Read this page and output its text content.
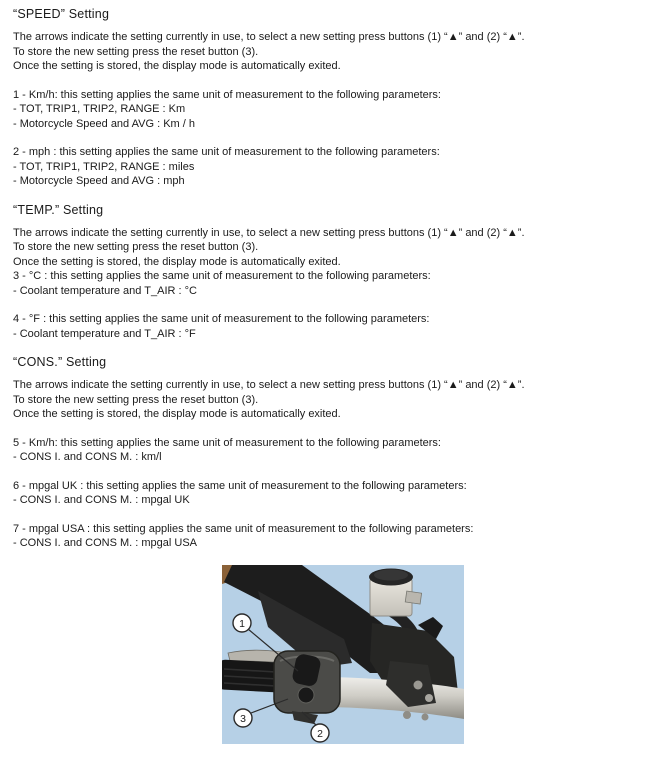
“SPEED” Setting
The arrows indicate the setting currently in use, to select a new setting press buttons (1) “▲” and (2) “▲”.
To store the new setting press the reset button (3).
Once the setting is stored, the display mode is automatically exited.
1 - Km/h: this setting applies the same unit of measurement to the following parameters:
- TOT, TRIP1, TRIP2, RANGE : Km
- Motorcycle Speed and AVG : Km / h
2 - mph : this setting applies the same unit of measurement to the following parameters:
- TOT, TRIP1, TRIP2, RANGE : miles
- Motorcycle Speed and AVG : mph
“TEMP.” Setting
The arrows indicate the setting currently in use, to select a new setting press buttons (1) “▲” and (2) “▲”.
To store the new setting press the reset button (3).
Once the setting is stored, the display mode is automatically exited.
3 - °C : this setting applies the same unit of measurement to the following parameters:
- Coolant temperature and T_AIR : °C
4 - °F : this setting applies the same unit of measurement to the following parameters:
- Coolant temperature and T_AIR : °F
“CONS.” Setting
The arrows indicate the setting currently in use, to select a new setting press buttons (1) “▲” and (2) “▲”.
To store the new setting press the reset button (3).
Once the setting is stored, the display mode is automatically exited.
5 - Km/h: this setting applies the same unit of measurement to the following parameters:
- CONS I. and CONS M. : km/l
6 - mpgal UK : this setting applies the same unit of measurement to the following parameters:
- CONS I. and CONS M. : mpgal UK
7 - mpgal USA : this setting applies the same unit of measurement to the following parameters:
- CONS I. and CONS M. : mpgal USA
1
3
2
